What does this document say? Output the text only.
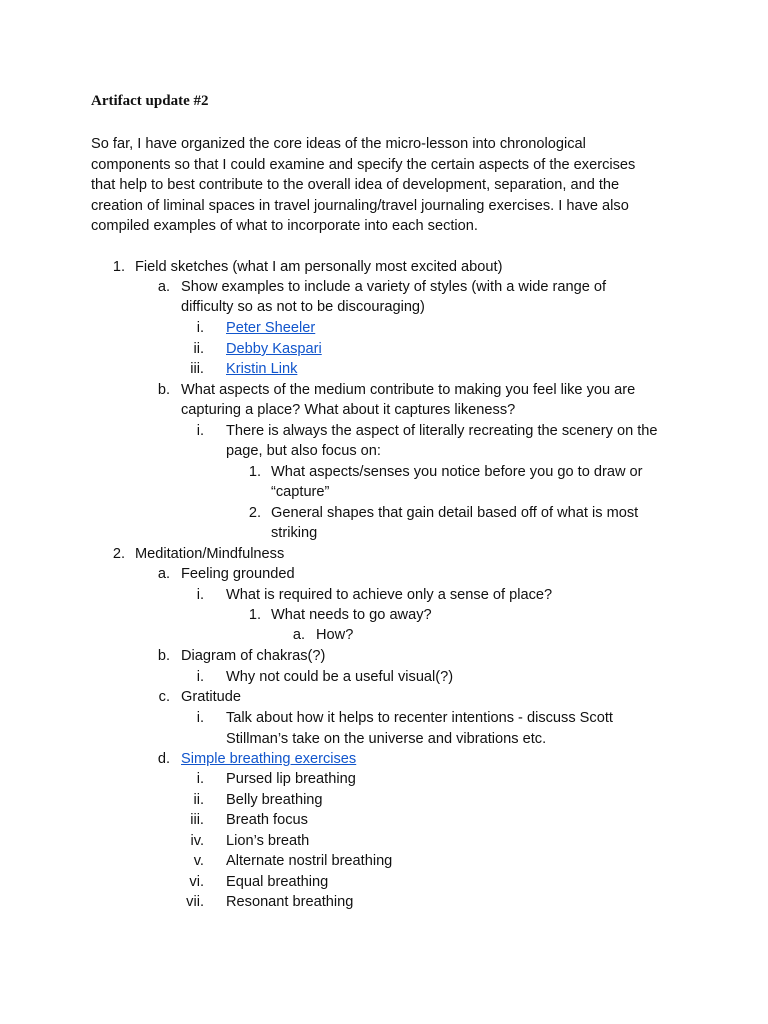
Artifact update #2
So far, I have organized the core ideas of the micro-lesson into chronological components so that I could examine and specify the certain aspects of the exercises that help to best contribute to the overall idea of development, separation, and the creation of liminal spaces in travel journaling/travel journaling exercises. I have also compiled examples of what to incorporate into each section.
1. Field sketches (what I am personally most excited about)
a. Show examples to include a variety of styles (with a wide range of
difficulty so as not to be discouraging)
i. Peter Sheeler
ii. Debby Kaspari
iii. Kristin Link
b. What aspects of the medium contribute to making you feel like you are
capturing a place? What about it captures likeness?
i. There is always the aspect of literally recreating the scenery on the
page, but also focus on:
1. What aspects/senses you notice before you go to draw or
“capture”
2. General shapes that gain detail based off of what is most
striking
2. Meditation/Mindfulness
a. Feeling grounded
i. What is required to achieve only a sense of place?
1. What needs to go away?
a. How?
b. Diagram of chakras(?)
i. Why not could be a useful visual(?)
c. Gratitude
i. Talk about how it helps to recenter intentions - discuss Scott
Stillman’s take on the universe and vibrations etc.
d. Simple breathing exercises
i. Pursed lip breathing
ii. Belly breathing
iii. Breath focus
iv. Lion’s breath
v. Alternate nostril breathing
vi. Equal breathing
vii. Resonant breathing
